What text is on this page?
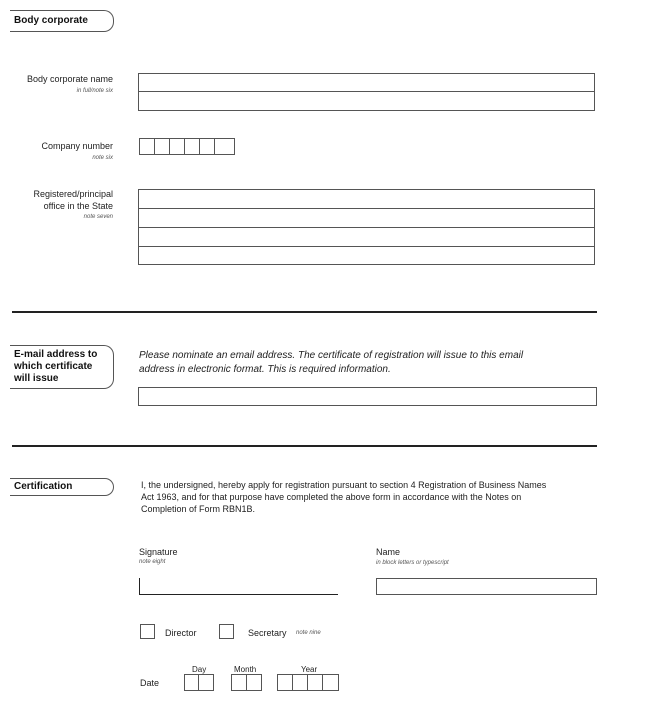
Body corporate
Body corporate name
in full/note six
Company number
note six
Registered/principal
office in the State
note seven
E-mail address to
which certificate
will issue
Please nominate an email address. The certificate of registration will issue to this email
address in electronic format. This is required information.
Certification	I, the undersigned, hereby apply for registration pursuant to section 4 Registration of Business Names
Act 1963, and for that purpose have completed the above form in accordance with the Notes on
Completion of Form RBN1B.
Signature
note eight
Name
in block letters or typescript
Director	Secretary note nine
Date
Day	Month	Year
